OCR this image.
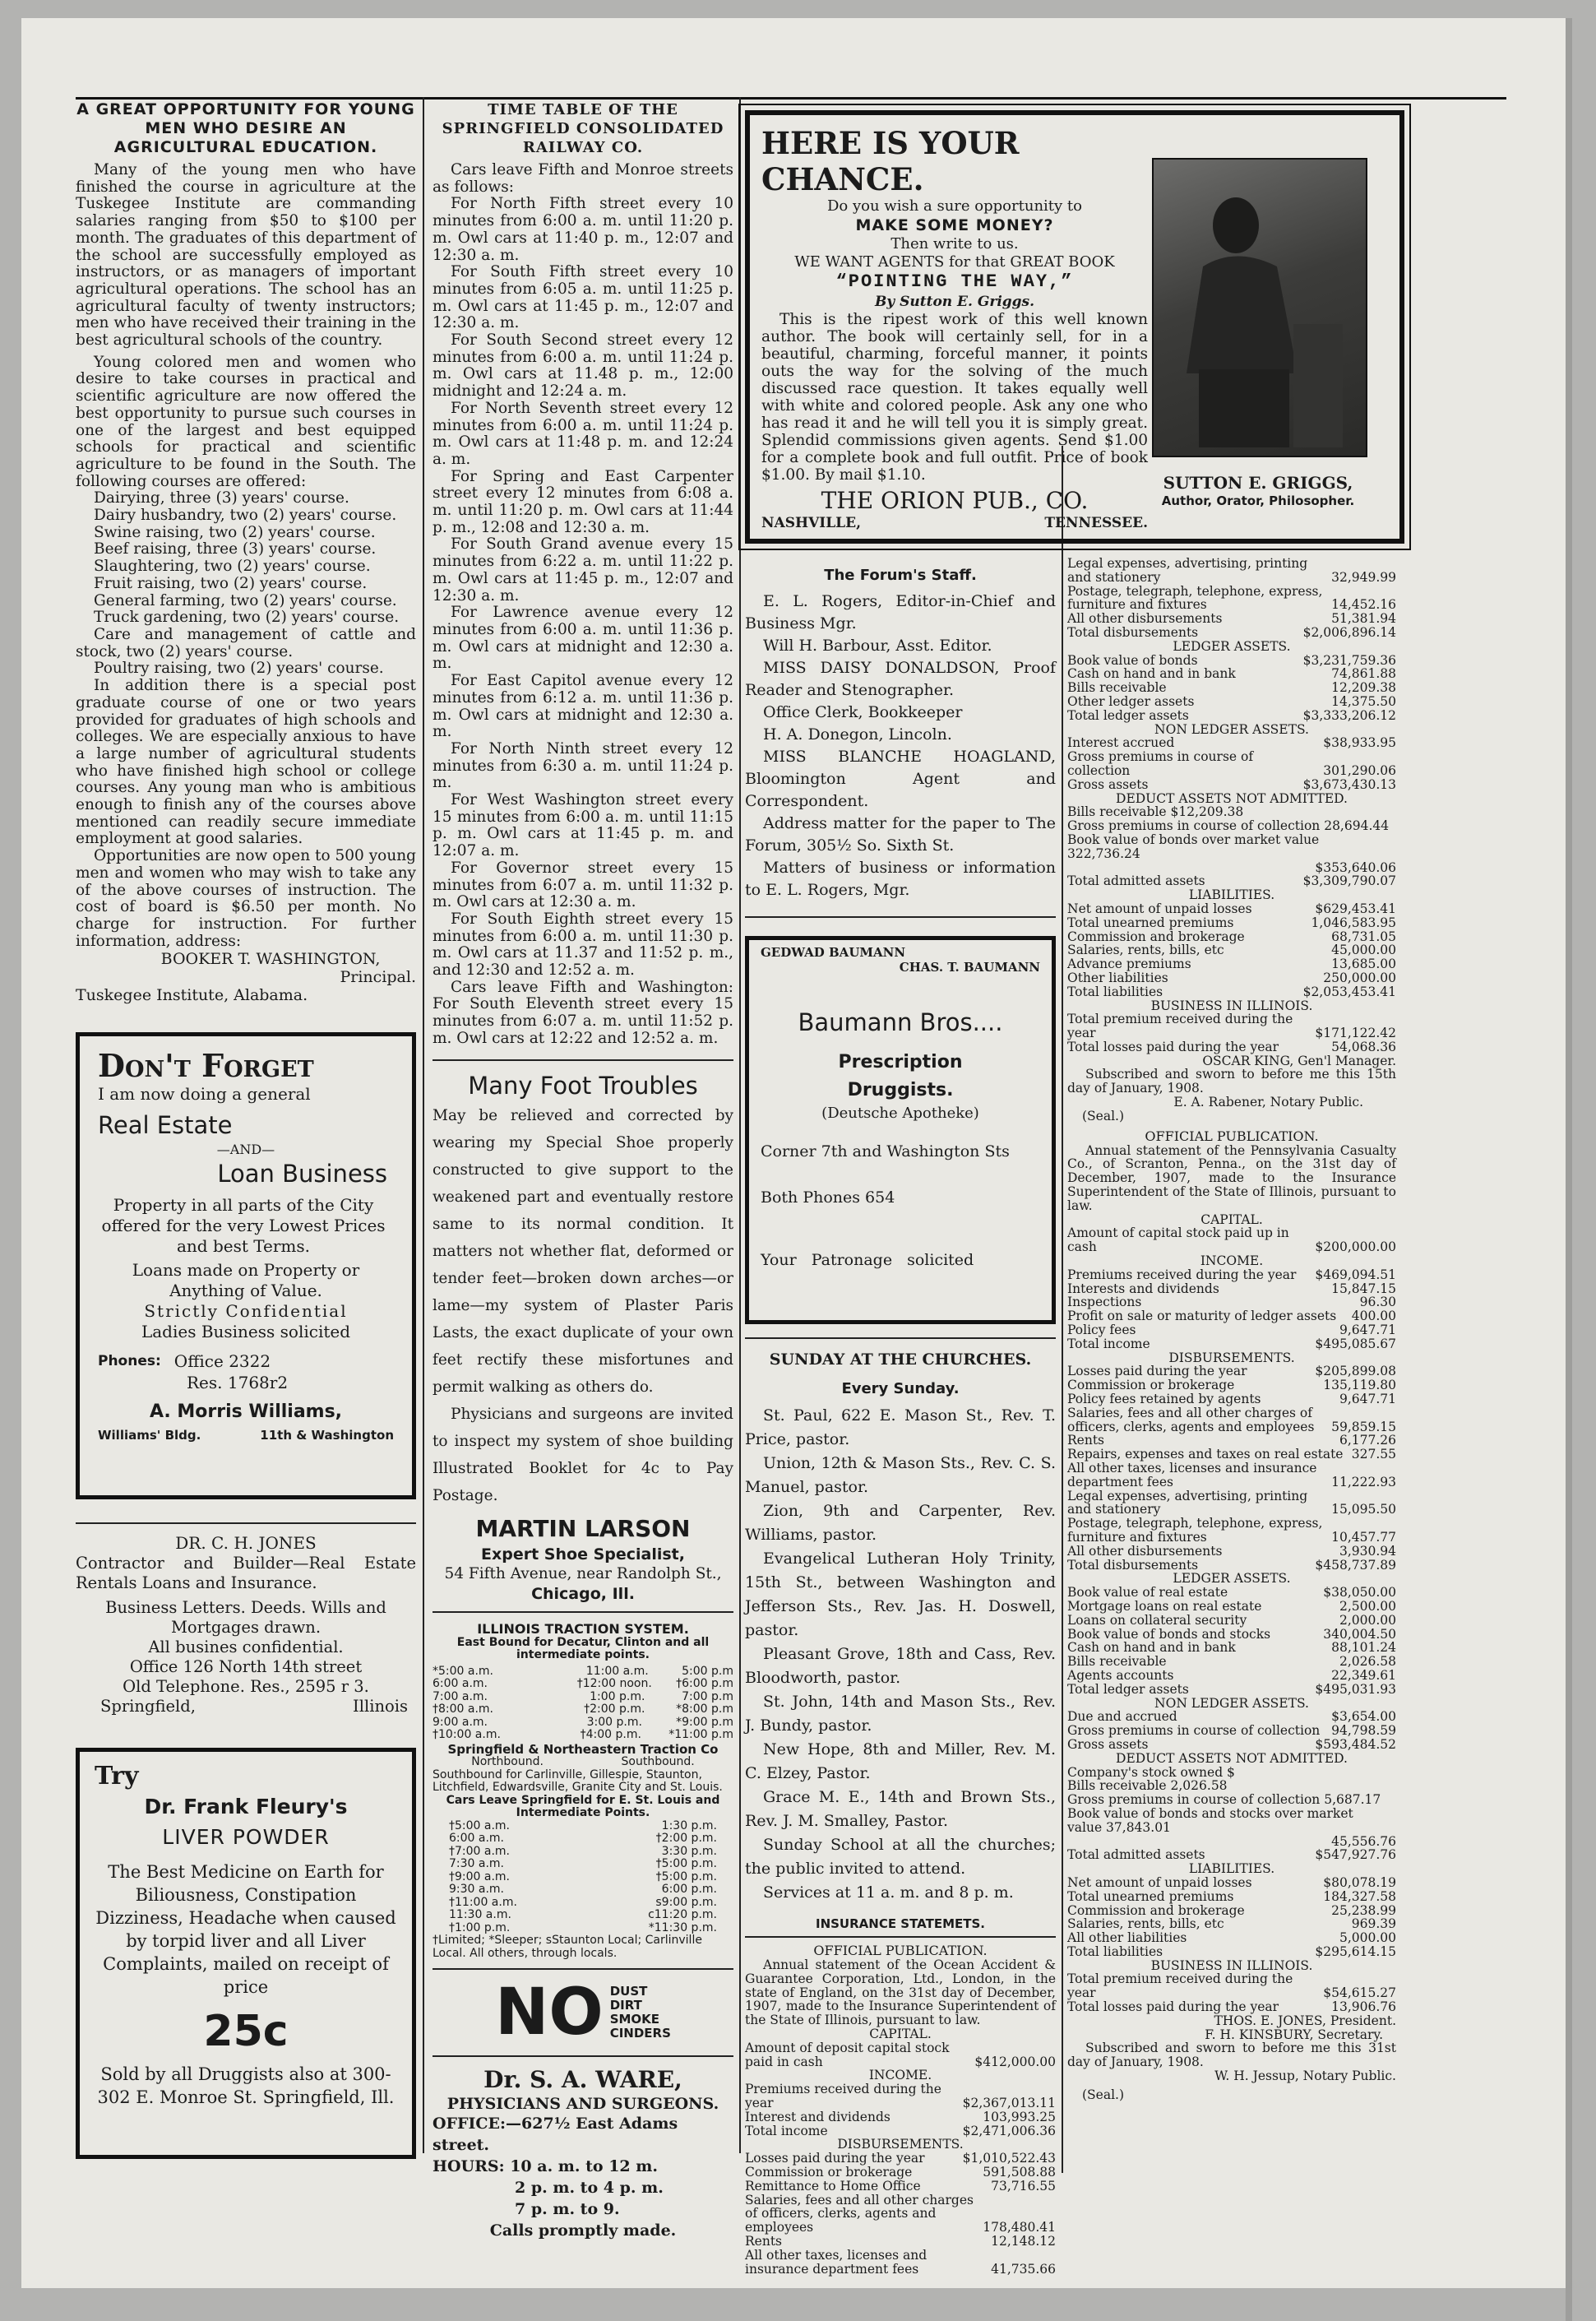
A GREAT OPPORTUNITY FOR YOUNG MEN WHO DESIRE AN AGRICULTURAL EDUCATION.

Many of the young men who have finished the course in agriculture at the Tuskegee Institute are commanding salaries ranging from $50 to $100 per month. The graduates of this department of the school are successfully employed as instructors, or as managers of important agricultural operations. The school has an agricultural faculty of twenty instructors; men who have received their training in the best agricultural schools of the country.

Young colored men and women who desire to take courses in practical and scientific agriculture are now offered the best opportunity to pursue such courses in one of the largest and best equipped schools for practical and scientific agriculture to be found in the South. The following courses are offered:

Dairying, three (3) years' course.

Dairy husbandry, two (2) years' course.

Swine raising, two (2) years' course.

Beef raising, three (3) years' course.

Slaughtering, two (2) years' course.

Fruit raising, two (2) years' course.

General farming, two (2) years' course.

Truck gardening, two (2) years' course.

Care and management of cattle and stock, two (2) years' course.

Poultry raising, two (2) years' course.

In addition there is a special post graduate course of one or two years provided for graduates of high schools and colleges. We are especially anxious to have a large number of agricultural students who have finished high school or college courses. Any young man who is ambitious enough to finish any of the courses above mentioned can readily secure immediate employment at good salaries.

Opportunities are now open to 500 young men and women who may wish to take any of the above courses of instruction. The cost of board is $6.50 per month. No charge for instruction. For further information, address:

BOOKER T. WASHINGTON,
Principal.
Tuskegee Institute, Alabama.
Don't Forget
I am now doing a general
Real Estate
—AND—
Loan Business
Property in all parts of the City offered for the very Lowest Prices and best Terms.
Loans made on Property or Anything of Value.
Strictly Confidential
Ladies Business solicited
Phones: Office 2322
Res. 1768r2
A. Morris Williams,
Williams' Bldg.	11th & Washington
DR. C. H. JONES

Contractor and Builder—Real Estate Rentals Loans and Insurance.

Business Letters. Deeds. Wills and Mortgages drawn.

All busines confidential.
Office 126 North 14th street
Old Telephone. Res., 2595 r 3.
Springfield,	Illinois
Try
Dr. Frank Fleury's
LIVER POWDER

The Best Medicine on Earth for Biliousness, Constipation Dizziness, Headache when caused by torpid liver and all Liver Complaints, mailed on receipt of price

25c

Sold by all Druggists also at 300-302 E. Monroe St. Springfield, Ill.

TIME TABLE OF THE SPRINGFIELD CONSOLIDATED RAILWAY CO.

Cars leave Fifth and Monroe streets as follows:

For North Fifth street every 10 minutes from 6:00 a. m. until 11:20 p. m. Owl cars at 11:40 p. m., 12:07 and 12:30 a. m.

For South Fifth street every 10 minutes from 6:05 a. m. until 11:25 p. m. Owl cars at 11:45 p. m., 12:07 and 12:30 a. m.

For South Second street every 12 minutes from 6:00 a. m. until 11:24 p. m. Owl cars at 11.48 p. m., 12:00 midnight and 12:24 a. m.

For North Seventh street every 12 minutes from 6:00 a. m. until 11:24 p. m. Owl cars at 11:48 p. m. and 12:24 a. m.

For Spring and East Carpenter street every 12 minutes from 6:08 a. m. until 11:20 p. m. Owl cars at 11:44 p. m., 12:08 and 12:30 a. m.

For South Grand avenue every 15 minutes from 6:22 a. m. until 11:22 p. m. Owl cars at 11:45 p. m., 12:07 and 12:30 a. m.

For Lawrence avenue every 12 minutes from 6:00 a. m. until 11:36 p. m. Owl cars at midnight and 12:30 a. m.

For East Capitol avenue every 12 minutes from 6:12 a. m. until 11:36 p. m. Owl cars at midnight and 12:30 a. m.

For North Ninth street every 12 minutes from 6:30 a. m. until 11:24 p. m.

For West Washington street every 15 minutes from 6:00 a. m. until 11:15 p. m. Owl cars at 11:45 p. m. and 12:07 a. m.

For Governor street every 15 minutes from 6:07 a. m. until 11:32 p. m. Owl cars at 12:30 a. m.

For South Eighth street every 15 minutes from 6:00 a. m. until 11:30 p. m. Owl cars at 11.37 and 11:52 p. m., and 12:30 and 12:52 a. m.

Cars leave Fifth and Washington: For South Eleventh street every 15 minutes from 6:07 a. m. until 11:52 p. m. Owl cars at 12:22 and 12:52 a. m.

Many Foot Troubles

May be relieved and corrected by wearing my Special Shoe properly constructed to give support to the weakened part and eventually restore same to its normal condition. It matters not whether flat, deformed or tender feet—broken down arches—or lame—my system of Plaster Paris Lasts, the exact duplicate of your own feet rectify these misfortunes and permit walking as others do.

Physicians and surgeons are invited to inspect my system of shoe building Illustrated Booklet for 4c to Pay Postage.

MARTIN LARSON
Expert Shoe Specialist,
54 Fifth Avenue, near Randolph St.,
Chicago, Ill.
ILLINOIS TRACTION SYSTEM.
East Bound for Decatur, Clinton and all intermediate points.
*5:00 a.m.	11:00 a.m.	5:00 p.m
6:00 a.m.	†12:00 noon. †6:00 p.m
7:00 a.m.	1:00 p.m.	7:00 p.m
†8:00 a.m.	†2:00 p.m.	*8:00 p.m
9:00 a.m.	3:00 p.m.	*9:00 p.m
†10:00 a.m.	†4:00 p.m. *11:00 p.m
Springfield & Northeastern Traction Co
Northbound.	Southbound.
Southbound for Carlinville, Gillespie, Staunton, Litchfield, Edwardsville, Granite City and St. Louis.
Cars Leave Springfield for E. St. Louis and Intermediate Points.
†5:00 a.m.	1:30 p.m.
6:00 a.m.	†2:00 p.m.
†7:00 a.m.	3:30 p.m.
7:30 a.m.	†5:00 p.m.
†9:00 a.m.	†5:00 p.m.
9:30 a.m.	6:00 p.m.
†11:00 a.m.	s9:00 p.m.
11:30 a.m.	c11:20 p.m.
†1:00 p.m.	*11:30 p.m.
†Limited; *Sleeper; sStaunton Local; Carlinville Local. All others, through locals.
NO DUST
DIRT
SMOKE
CINDERS
Dr. S. A. WARE,
PHYSICIANS AND SURGEONS.
OFFICE:—627½ East Adams street.
HOURS: 10 a. m. to 12 m.
2 p. m. to 4 p. m.
7 p. m. to 9.
Calls promptly made.
HERE IS YOUR CHANCE.
Do you wish a sure opportunity to
MAKE SOME MONEY?
Then write to us.
WE WANT AGENTS for that GREAT BOOK
“POINTING THE WAY,”
By Sutton E. Griggs.

This is the ripest work of this well known author. The book will certainly sell, for in a beautiful, charming, forceful manner, it points outs the way for the solving of the much discussed race question. It takes equally well with white and colored people. Ask any one who has read it and he will tell you it is simply great. Splendid commissions given agents. Send $1.00 for a complete book and full outfit. Price of book $1.00. By mail $1.10.

THE ORION PUB., CO.
NASHVILLE,	TENNESSEE.
SUTTON E. GRIGGS,
Author, Orator, Philosopher.
The Forum's Staff.

E. L. Rogers, Editor-in-Chief and Business Mgr.

Will H. Barbour, Asst. Editor.

MISS DAISY DONALDSON, Proof Reader and Stenographer.

Office Clerk, Bookkeeper

H. A. Donegon, Lincoln.

MISS BLANCHE HOAGLAND, Bloomington Agent and Correspondent.

Address matter for the paper to The Forum, 305½ So. Sixth St.

Matters of business or information to E. L. Rogers, Mgr.

GEDWAD BAUMANN
CHAS. T. BAUMANN
Baumann Bros....
Prescription
Druggists.
(Deutsche Apotheke)
Corner 7th and Washington Sts
Both Phones 654
Your Patronage solicited
SUNDAY AT THE CHURCHES.
Every Sunday.

St. Paul, 622 E. Mason St., Rev. T. Price, pastor.

Union, 12th & Mason Sts., Rev. C. S. Manuel, pastor.

Zion, 9th and Carpenter, Rev. Williams, pastor.

Evangelical Lutheran Holy Trinity, 15th St., between Washington and Jefferson Sts., Rev. Jas. H. Doswell, pastor.

Pleasant Grove, 18th and Cass, Rev. Bloodworth, pastor.

St. John, 14th and Mason Sts., Rev. J. Bundy, pastor.

New Hope, 8th and Miller, Rev. M. C. Elzey, Pastor.

Grace M. E., 14th and Brown Sts., Rev. J. M. Smalley, Pastor.

Sunday School at all the churches; the public invited to attend.

Services at 11 a. m. and 8 p. m.

INSURANCE STATEMETS.
OFFICIAL PUBLICATION.

Annual statement of the Ocean Accident & Guarantee Corporation, Ltd., London, in the state of England, on the 31st day of December, 1907, made to the Insurance Superintendent of the State of Illinois, pursuant to law.

CAPITAL.
Amount of deposit capital stock paid in cash	$412,000.00
INCOME.
Premiums received during the year	$2,367,013.11
Interest and dividends	103,993.25
Total income	$2,471,006.36
DISBURSEMENTS.
Losses paid during the year	$1,010,522.43
Commission or brokerage	591,508.88
Remittance to Home Office	73,716.55
Salaries, fees and all other charges of officers, clerks, agents and employees	178,480.41
Rents	12,148.12
All other taxes, licenses and insurance department fees	41,735.66
Legal expenses, advertising, printing and stationery	32,949.99
Postage, telegraph, telephone, express, furniture and fixtures	14,452.16
All other disbursements	51,381.94
Total disbursements	$2,006,896.14
LEDGER ASSETS.
Book value of bonds	$3,231,759.36
Cash on hand and in bank	74,861.88
Bills receivable	12,209.38
Other ledger assets	14,375.50
Total ledger assets	$3,333,206.12
NON LEDGER ASSETS.
Interest accrued	$38,933.95
Gross premiums in course of collection	301,290.06
Gross assets	$3,673,430.13
DEDUCT ASSETS NOT ADMITTED.
Bills receivable $12,209.38
Gross premiums in course of collection 28,694.44
Book value of bonds over market value 322,736.24
$353,640.06
Total admitted assets	$3,309,790.07
LIABILITIES.
Net amount of unpaid losses	$629,453.41
Total unearned premiums	1,046,583.95
Commission and brokerage	68,731.05
Salaries, rents, bills, etc	45,000.00
Advance premiums	13,685.00
Other liabilities	250,000.00
Total liabilities	$2,053,453.41
BUSINESS IN ILLINOIS.
Total premium received during the year	$171,122.42
Total losses paid during the year	54,068.36
OSCAR KING, Gen'l Manager.

Subscribed and sworn to before me this 15th day of January, 1908.

E. A. Rabener, Notary Public.
(Seal.)
OFFICIAL PUBLICATION.

Annual statement of the Pennsylvania Casualty Co., of Scranton, Penna., on the 31st day of December, 1907, made to the Insurance Superintendent of the State of Illinois, pursuant to law.

CAPITAL.
Amount of capital stock paid up in cash	$200,000.00
INCOME.
Premiums received during the year	$469,094.51
Interests and dividends	15,847.15
Inspections	96.30
Profit on sale or maturity of ledger assets	400.00
Policy fees	9,647.71
Total income	$495,085.67
DISBURSEMENTS.
Losses paid during the year	$205,899.08
Commission or brokerage	135,119.80
Policy fees retained by agents	9,647.71
Salaries, fees and all other charges of officers, clerks, agents and employees	59,859.15
Rents	6,177.26
Repairs, expenses and taxes on real estate 327.55
All other taxes, licenses and insurance department fees	11,222.93
Legal expenses, advertising, printing and stationery	15,095.50
Postage, telegraph, telephone, express, furniture and fixtures	10,457.77
All other disbursements	3,930.94
Total disbursements	$458,737.89
LEDGER ASSETS.
Book value of real estate	$38,050.00
Mortgage loans on real estate	2,500.00
Loans on collateral security	2,000.00
Book value of bonds and stocks	340,004.50
Cash on hand and in bank	88,101.24
Bills receivable	2,026.58
Agents accounts	22,349.61
Total ledger assets	$495,031.93
NON LEDGER ASSETS.
Due and accrued	$3,654.00
Gross premiums in course of collection 94,798.59
Gross assets	$593,484.52
DEDUCT ASSETS NOT ADMITTED.
Company's stock owned $
Bills receivable 2,026.58
Gross premiums in course of collection 5,687.17
Book value of bonds and stocks over market value 37,843.01
45,556.76
Total admitted assets	$547,927.76
LIABILITIES.
Net amount of unpaid losses	$80,078.19
Total unearned premiums	184,327.58
Commission and brokerage	25,238.99
Salaries, rents, bills, etc	969.39
All other liabilities	5,000.00
Total liabilities	$295,614.15
BUSINESS IN ILLINOIS.
Total premium received during the year	$54,615.27
Total losses paid during the year	13,906.76
THOS. E. JONES, President.
F. H. KINSBURY, Secretary.

Subscribed and sworn to before me this 31st day of January, 1908.

W. H. Jessup, Notary Public.
(Seal.)
